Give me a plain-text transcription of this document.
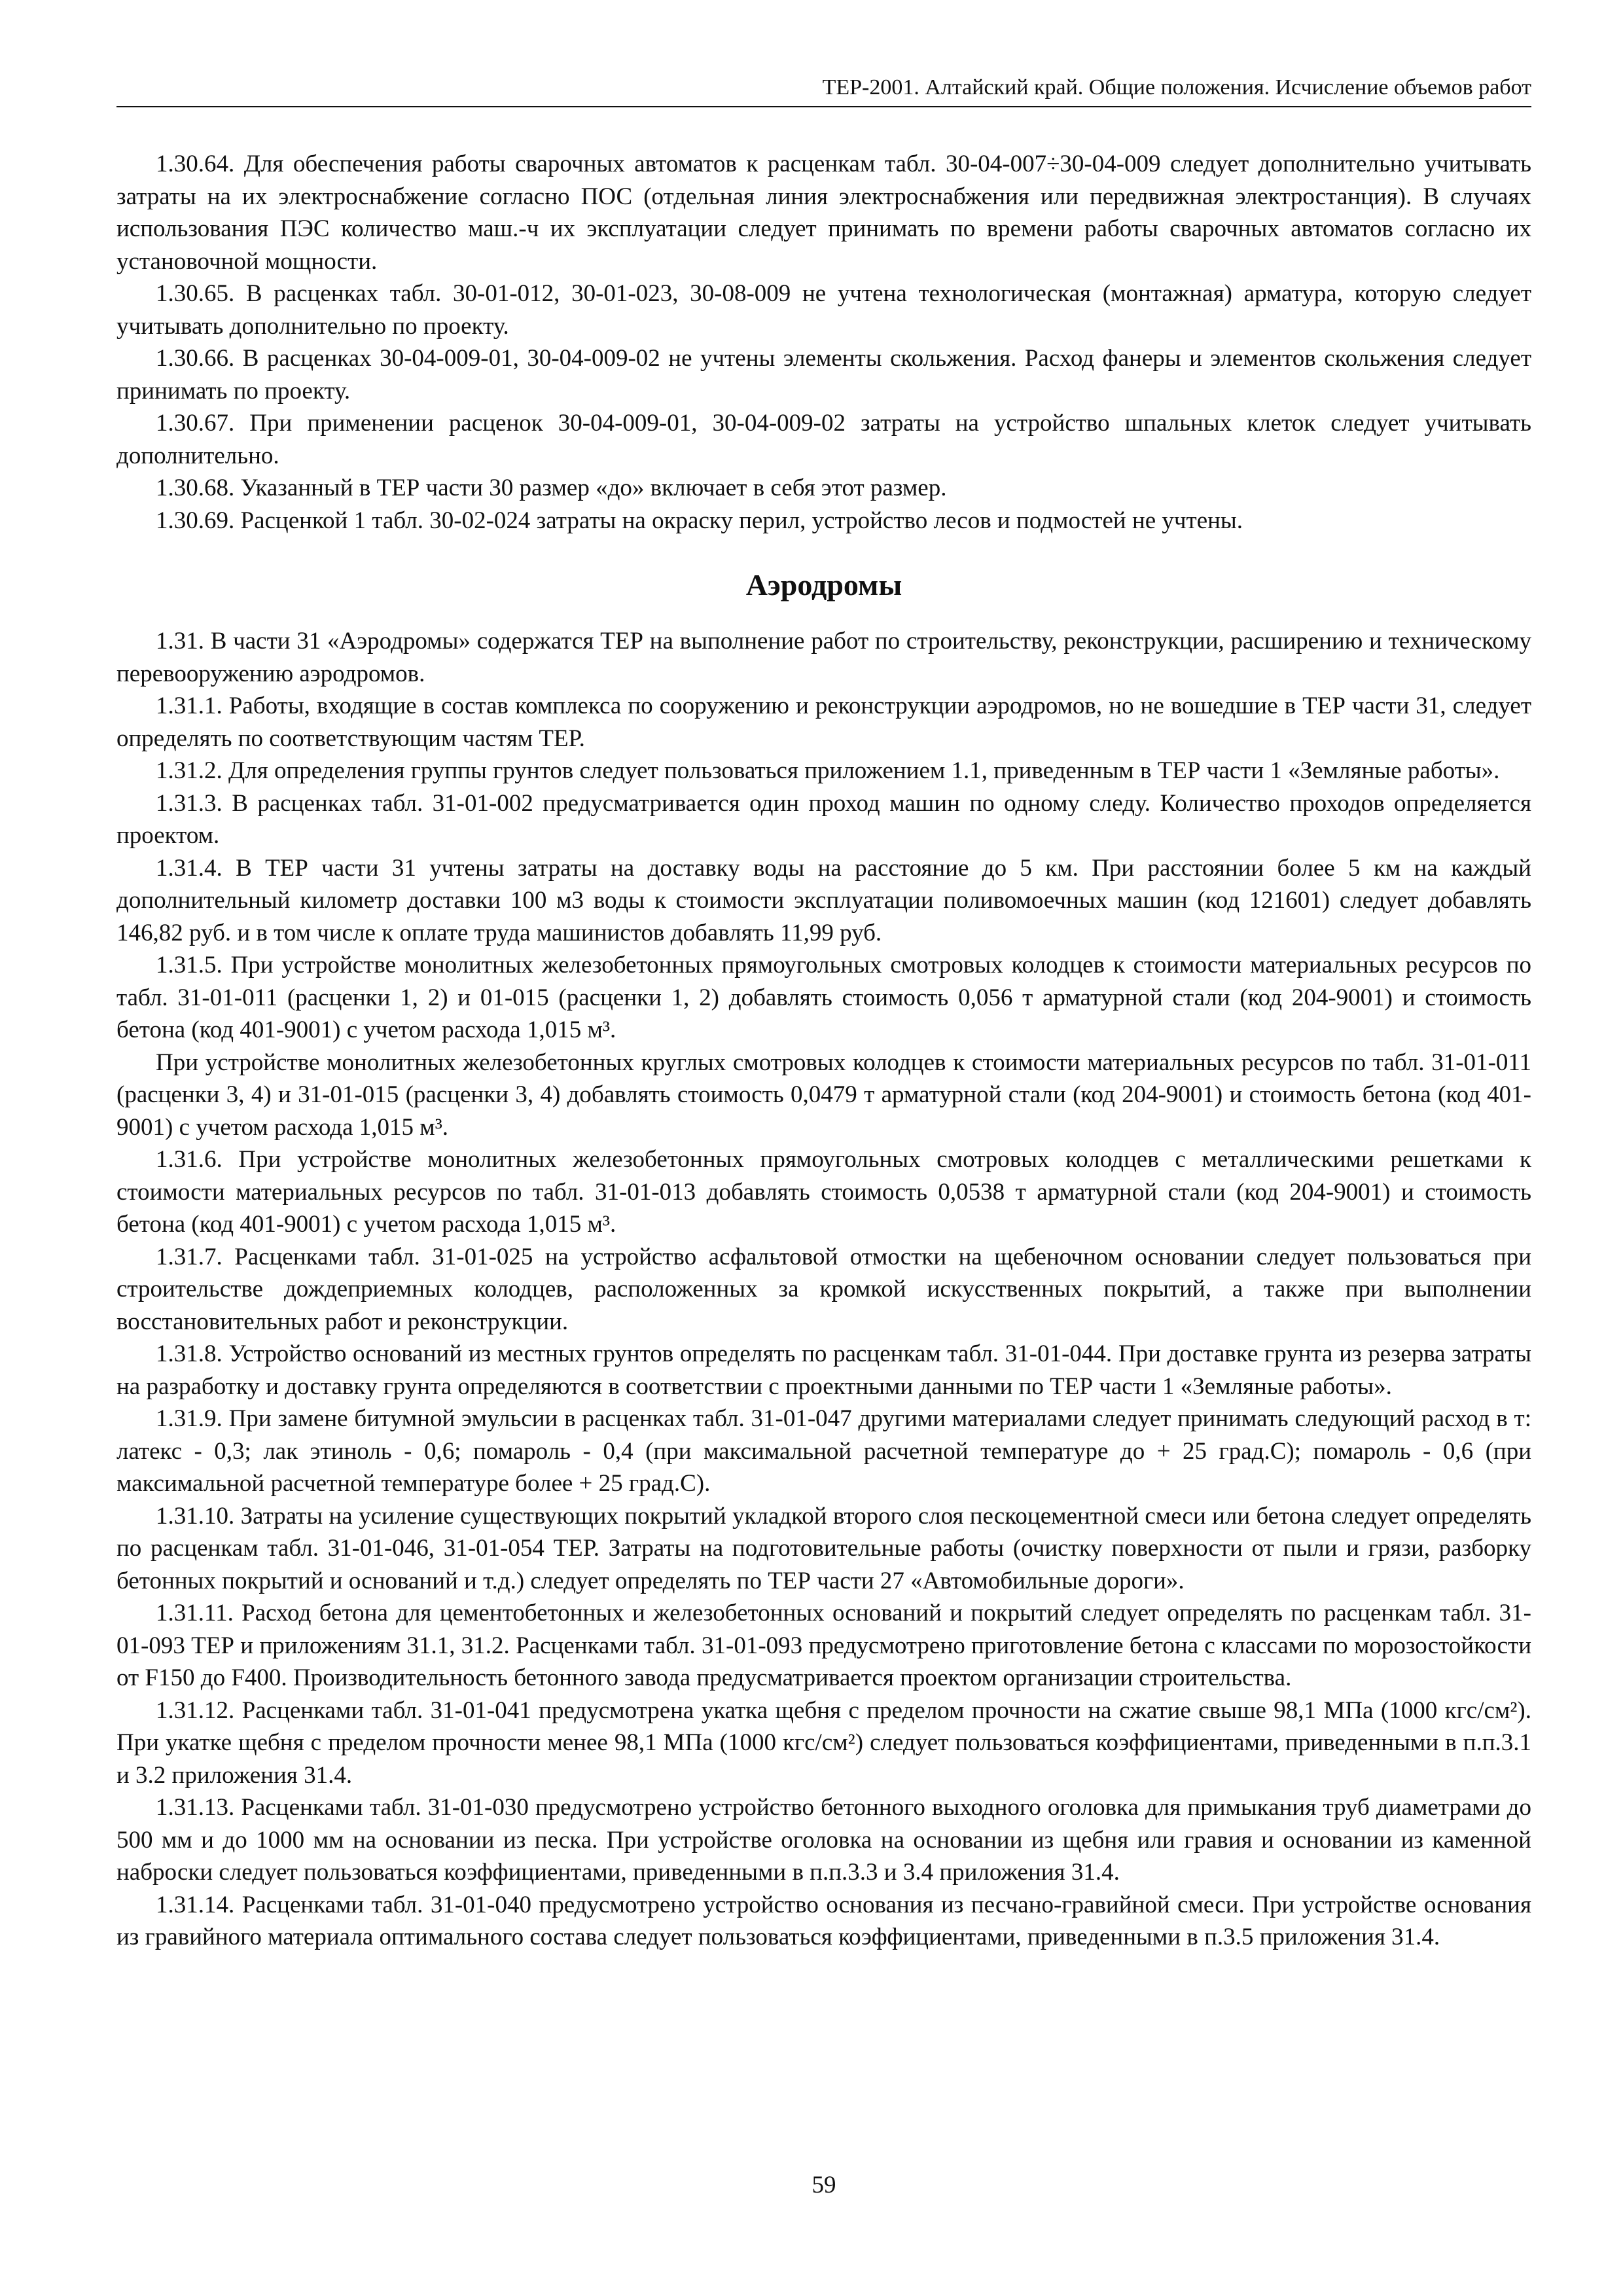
ТЕР-2001. Алтайский край. Общие положения. Исчисление объемов работ

1.30.64. Для обеспечения работы сварочных автоматов к расценкам табл. 30-04-007÷30-04-009 следует дополнительно учитывать затраты на их электроснабжение согласно ПОС (отдельная линия электроснабжения или передвижная электростанция). В случаях использования ПЭС количество маш.-ч их эксплуатации следует принимать по времени работы сварочных автоматов согласно их установочной мощности.

1.30.65. В расценках табл. 30-01-012, 30-01-023, 30-08-009 не учтена технологическая (монтажная) арматура, которую следует учитывать дополнительно по проекту.

1.30.66. В расценках 30-04-009-01, 30-04-009-02 не учтены элементы скольжения. Расход фанеры и элементов скольжения следует принимать по проекту.

1.30.67. При применении расценок 30-04-009-01, 30-04-009-02 затраты на устройство шпальных клеток следует учитывать дополнительно.

1.30.68. Указанный в ТЕР части 30 размер «до» включает в себя этот размер.

1.30.69. Расценкой 1 табл. 30-02-024 затраты на окраску перил, устройство лесов и подмостей не учтены.

Аэродромы

1.31. В части 31 «Аэродромы» содержатся ТЕР на выполнение работ по строительству, реконструкции, расширению и техническому перевооружению аэродромов.

1.31.1. Работы, входящие в состав комплекса по сооружению и реконструкции аэродромов, но не вошедшие в ТЕР части 31, следует определять по соответствующим частям ТЕР.

1.31.2. Для определения группы грунтов следует пользоваться приложением 1.1, приведенным в ТЕР части 1 «Земляные работы».

1.31.3. В расценках табл. 31-01-002 предусматривается один проход машин по одному следу. Количество проходов определяется проектом.

1.31.4. В ТЕР части 31 учтены затраты на доставку воды на расстояние до 5 км. При расстоянии более 5 км на каждый дополнительный километр доставки 100 м3 воды к стоимости эксплуатации поливомоечных машин (код 121601) следует добавлять 146,82 руб. и в том числе к оплате труда машинистов добавлять 11,99 руб.

1.31.5. При устройстве монолитных железобетонных прямоугольных смотровых колодцев к стоимости материальных ресурсов по табл. 31-01-011 (расценки 1, 2) и 01-015 (расценки 1, 2) добавлять стоимость 0,056 т арматурной стали (код 204-9001) и стоимость бетона (код 401-9001) с учетом расхода 1,015 м³.

При устройстве монолитных железобетонных круглых смотровых колодцев к стоимости материальных ресурсов по табл. 31-01-011 (расценки 3, 4) и 31-01-015 (расценки 3, 4) добавлять стоимость 0,0479 т арматурной стали (код 204-9001) и стоимость бетона (код 401-9001) с учетом расхода 1,015 м³.

1.31.6. При устройстве монолитных железобетонных прямоугольных смотровых колодцев с металлическими решетками к стоимости материальных ресурсов по табл. 31-01-013 добавлять стоимость 0,0538 т арматурной стали (код 204-9001) и стоимость бетона (код 401-9001) с учетом расхода 1,015 м³.

1.31.7. Расценками табл. 31-01-025 на устройство асфальтовой отмостки на щебеночном основании следует пользоваться при строительстве дождеприемных колодцев, расположенных за кромкой искусственных покрытий, а также при выполнении восстановительных работ и реконструкции.

1.31.8. Устройство оснований из местных грунтов определять по расценкам табл. 31-01-044. При доставке грунта из резерва затраты на разработку и доставку грунта определяются в соответствии с проектными данными по ТЕР части 1 «Земляные работы».

1.31.9. При замене битумной эмульсии в расценках табл. 31-01-047 другими материалами следует принимать следующий расход в т: латекс - 0,3; лак этиноль - 0,6; помароль - 0,4 (при максимальной расчетной температуре до + 25 град.С); помароль - 0,6 (при максимальной расчетной температуре более + 25 град.С).

1.31.10. Затраты на усиление существующих покрытий укладкой второго слоя пескоцементной смеси или бетона следует определять по расценкам табл. 31-01-046, 31-01-054 ТЕР. Затраты на подготовительные работы (очистку поверхности от пыли и грязи, разборку бетонных покрытий и оснований и т.д.) следует определять по ТЕР части 27 «Автомобильные дороги».

1.31.11. Расход бетона для цементобетонных и железобетонных оснований и покрытий следует определять по расценкам табл. 31-01-093 ТЕР и приложениям 31.1, 31.2. Расценками табл. 31-01-093 предусмотрено приготовление бетона с классами по морозостойкости от F150 до F400. Производительность бетонного завода предусматривается проектом организации строительства.

1.31.12. Расценками табл. 31-01-041 предусмотрена укатка щебня с пределом прочности на сжатие свыше 98,1 МПа (1000 кгс/см²). При укатке щебня с пределом прочности менее 98,1 МПа (1000 кгс/см²) следует пользоваться коэффициентами, приведенными в п.п.3.1 и 3.2 приложения 31.4.

1.31.13. Расценками табл. 31-01-030 предусмотрено устройство бетонного выходного оголовка для примыкания труб диаметрами до 500 мм и до 1000 мм на основании из песка. При устройстве оголовка на основании из щебня или гравия и основании из каменной наброски следует пользоваться коэффициентами, приведенными в п.п.3.3 и 3.4 приложения 31.4.

1.31.14. Расценками табл. 31-01-040 предусмотрено устройство основания из песчано-гравийной смеси. При устройстве основания из гравийного материала оптимального состава следует пользоваться коэффициентами, приведенными в п.3.5 приложения 31.4.

59
